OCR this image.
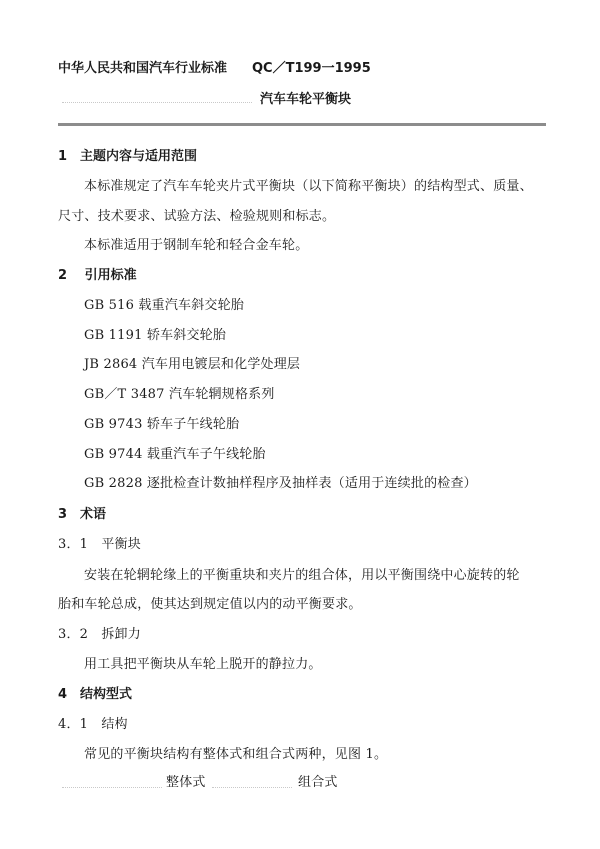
中华人民共和国汽车行业标准 QC／T199一1995
汽车车轮平衡块
1　主题内容与适用范围
本标准规定了汽车车轮夹片式平衡块（以下简称平衡块）的结构型式、质量、
尺寸、技术要求、试验方法、检验规则和标志。
本标准适用于钢制车轮和轻合金车轮。
2　 引用标准
GB 516 载重汽车斜交轮胎
GB 1191 轿车斜交轮胎
JB 2864 汽车用电镀层和化学处理层
GB／T 3487 汽车轮辋规格系列
GB 9743 轿车子午线轮胎
GB 9744 载重汽车子午线轮胎
GB 2828 逐批检查计数抽样程序及抽样表（适用于连续批的检查）
3　术语
3．1　平衡块
安装在轮辋轮缘上的平衡重块和夹片的组合体，用以平衡围绕中心旋转的轮
胎和车轮总成，使其达到规定值以内的动平衡要求。
3．2　拆卸力
用工具把平衡块从车轮上脱开的静拉力。
4　结构型式
4．1　结构
常见的平衡块结构有整体式和组合式两种，见图 1。
整体式	组合式
